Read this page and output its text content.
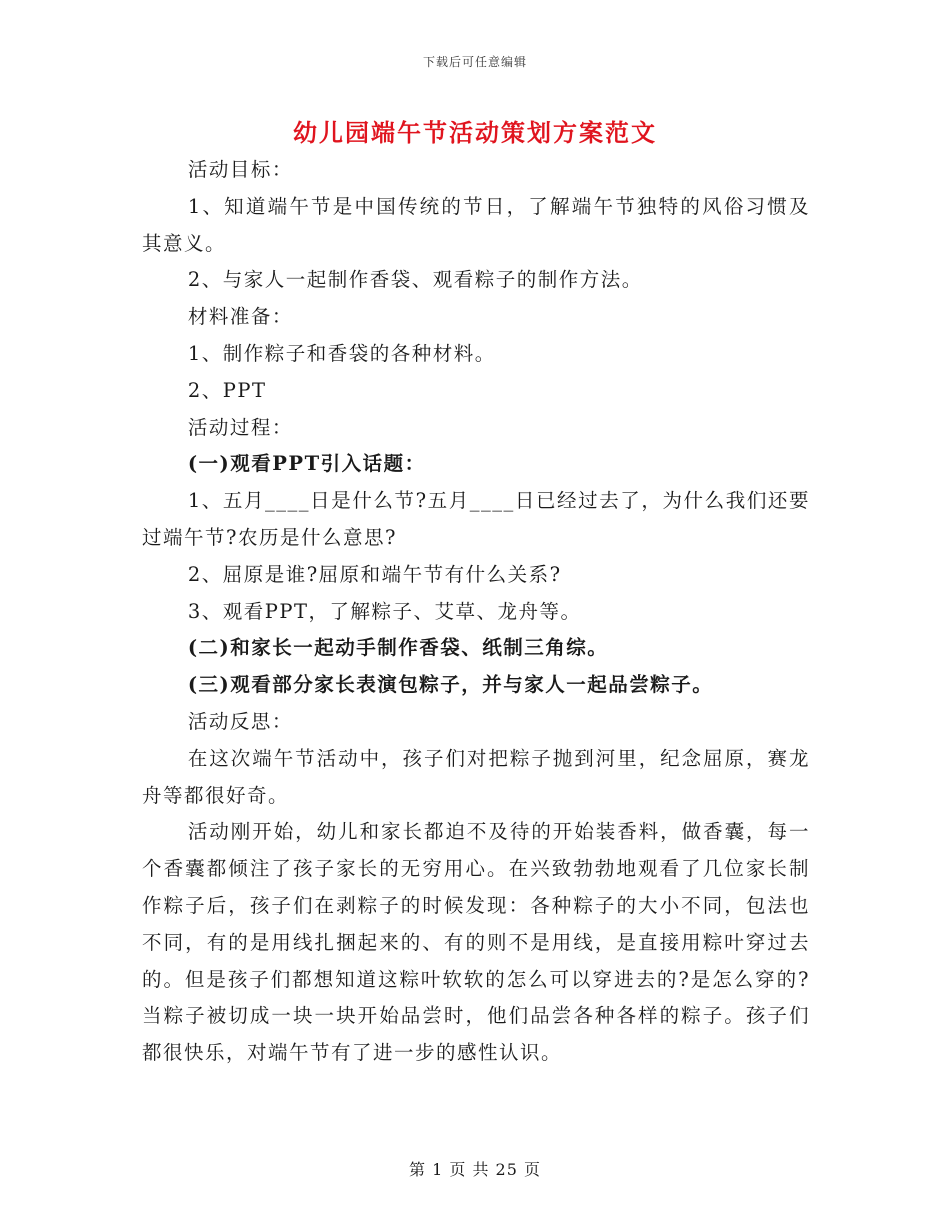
下载后可任意编辑
幼儿园端午节活动策划方案范文

活动目标：

1、知道端午节是中国传统的节日，了解端午节独特的风俗习惯及其意义。

2、与家人一起制作香袋、观看粽子的制作方法。

材料准备：

1、制作粽子和香袋的各种材料。

2、PPT

活动过程：

(一)观看PPT引入话题：

1、五月____日是什么节?五月____日已经过去了，为什么我们还要过端午节?农历是什么意思?

2、屈原是谁?屈原和端午节有什么关系?

3、观看PPT，了解粽子、艾草、龙舟等。

(二)和家长一起动手制作香袋、纸制三角综。

(三)观看部分家长表演包粽子，并与家人一起品尝粽子。

活动反思：

在这次端午节活动中，孩子们对把粽子抛到河里，纪念屈原，赛龙舟等都很好奇。

活动刚开始，幼儿和家长都迫不及待的开始装香料，做香囊，每一个香囊都倾注了孩子家长的无穷用心。在兴致勃勃地观看了几位家长制作粽子后，孩子们在剥粽子的时候发现：各种粽子的大小不同，包法也不同，有的是用线扎捆起来的、有的则不是用线，是直接用粽叶穿过去的。但是孩子们都想知道这粽叶软软的怎么可以穿进去的?是怎么穿的?当粽子被切成一块一块开始品尝时，他们品尝各种各样的粽子。孩子们都很快乐，对端午节有了进一步的感性认识。

第 1 页 共 25 页
